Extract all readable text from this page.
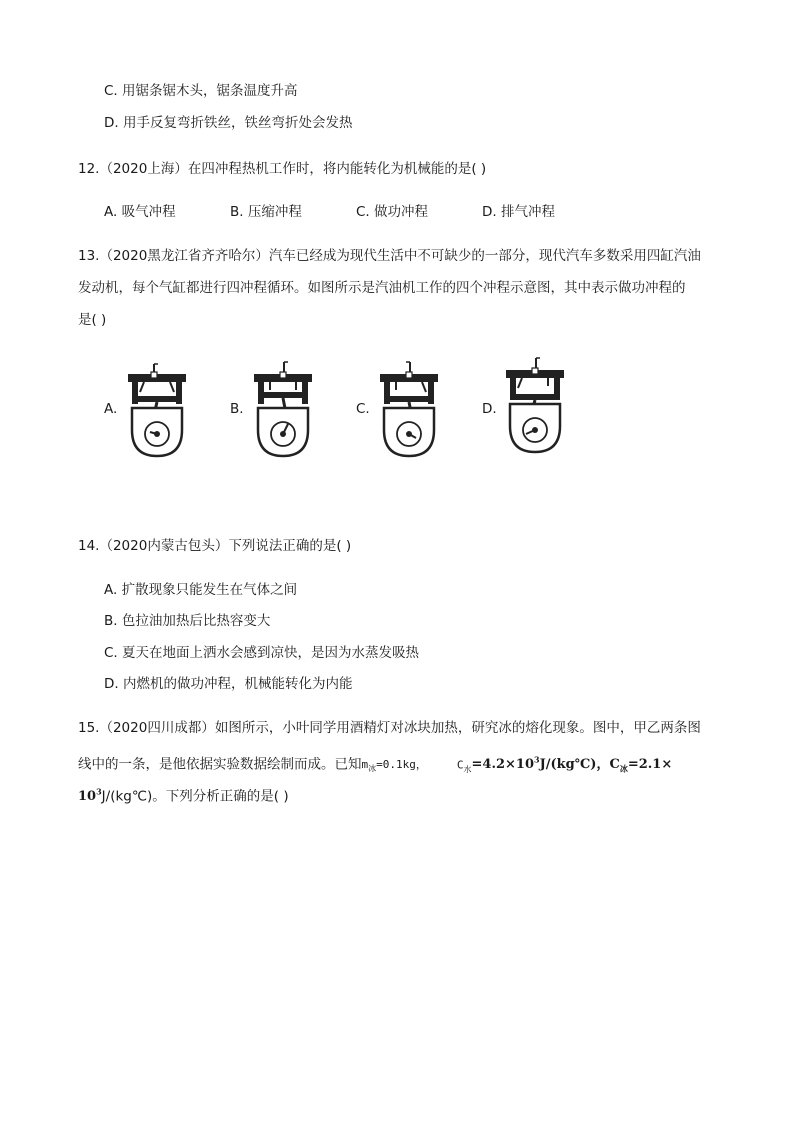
C. 用锯条锯木头，锯条温度升高
D. 用手反复弯折铁丝，铁丝弯折处会发热
12.（2020上海）在四冲程热机工作时，将内能转化为机械能的是( )
A. 吸气冲程	B. 压缩冲程	C. 做功冲程	D. 排气冲程
13.（2020黑龙江省齐齐哈尔）汽车已经成为现代生活中不可缺少的一部分，现代汽车多数采用四缸汽油
发动机，每个气缸都进行四冲程循环。如图所示是汽油机工作的四个冲程示意图，其中表示做功冲程的
是( )
A.	B.	C.	D.
14.（2020内蒙古包头）下列说法正确的是( )
A. 扩散现象只能发生在气体之间
B. 色拉油加热后比热容变大
C. 夏天在地面上洒水会感到凉快，是因为水蒸发吸热
D. 内燃机的做功冲程，机械能转化为内能
15.（2020四川成都）如图所示，小叶同学用酒精灯对冰块加热，研究冰的熔化现象。图中，甲乙两条图
线中的一条，是他依据实验数据绘制而成。已知$m_冰=0.1kg$，	$C_水=4.2\times 10^3J/(kg℃)$，$C_冰=2.1\times$
$10^3J/(kg℃)$。下列分析正确的是( )
